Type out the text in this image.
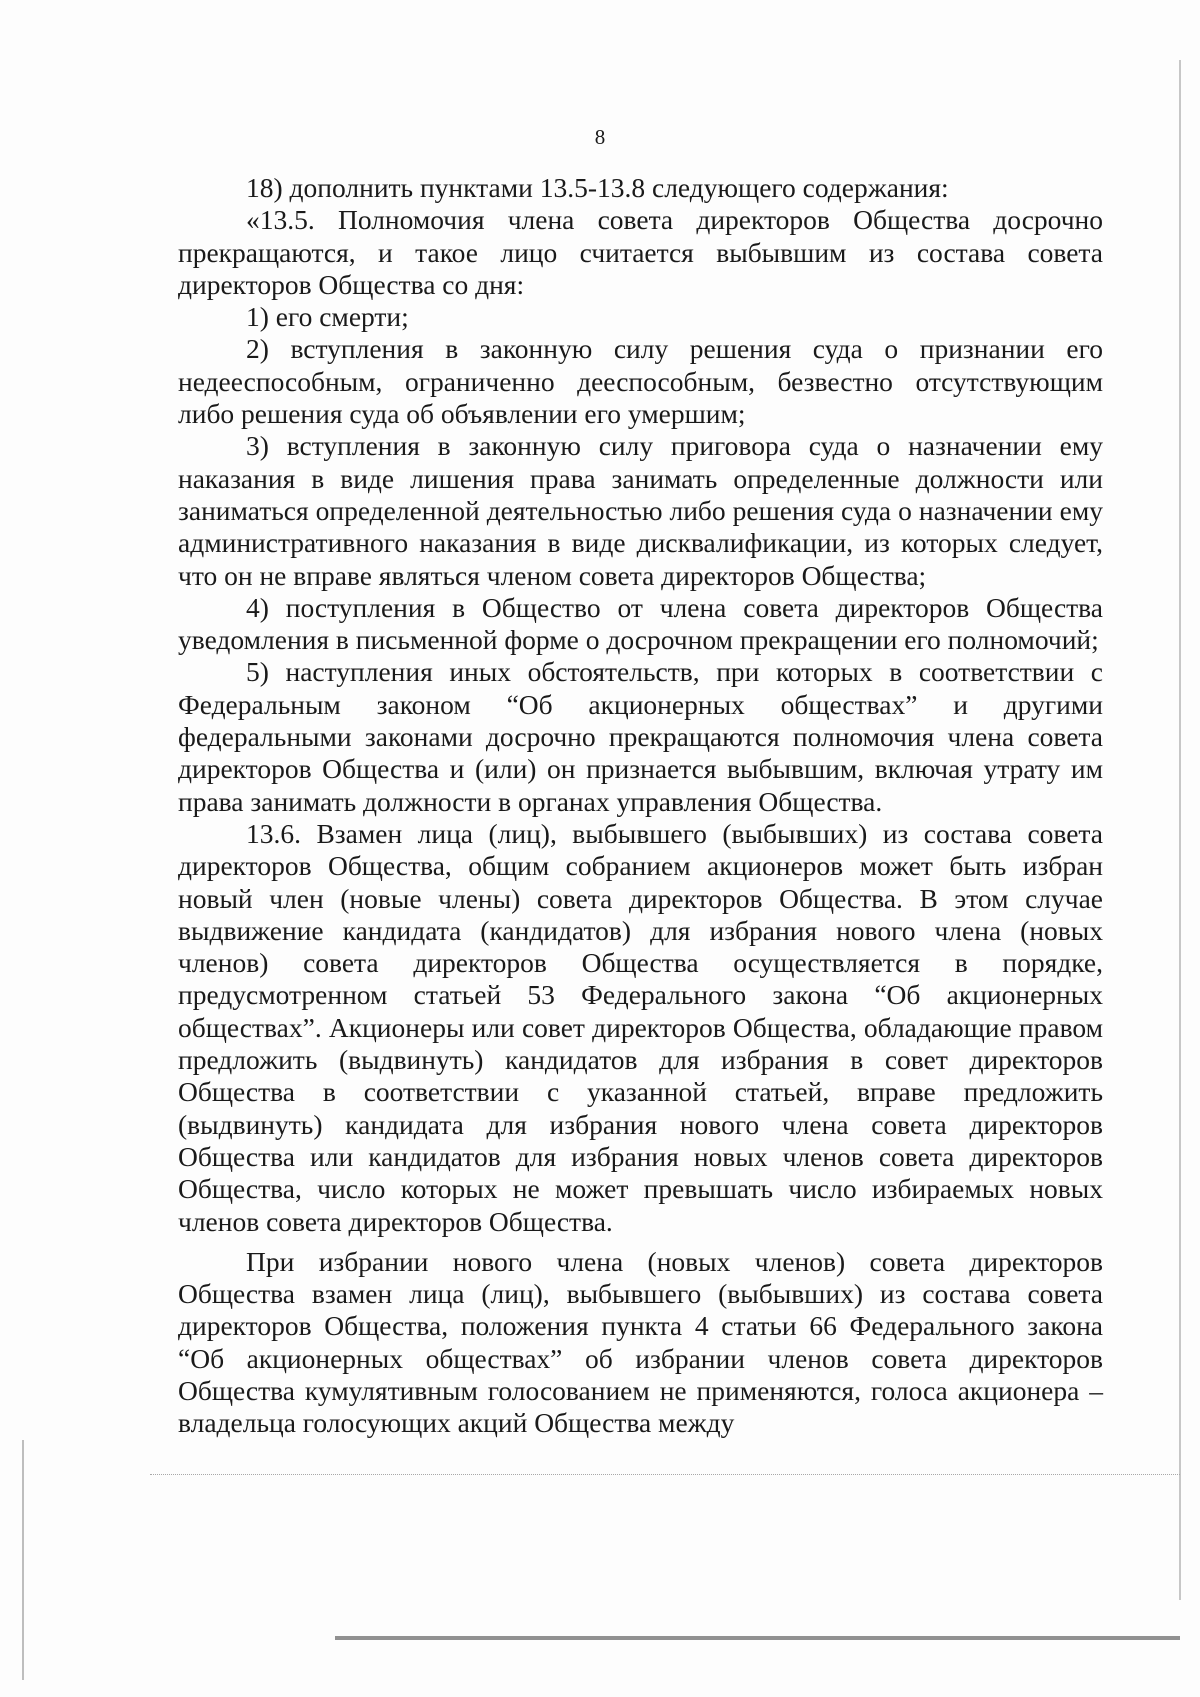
8

18) дополнить пунктами 13.5-13.8 следующего содержания:

«13.5. Полномочия члена совета директоров Общества досрочно прекращаются, и такое лицо считается выбывшим из состава совета директоров Общества со дня:

1) его смерти;

2) вступления в законную силу решения суда о признании его недееспособным, ограниченно дееспособным, безвестно отсутствующим либо решения суда об объявлении его умершим;

3) вступления в законную силу приговора суда о назначении ему наказания в виде лишения права занимать определенные должности или заниматься определенной деятельностью либо решения суда о назначении ему административного наказания в виде дисквалификации, из которых следует, что он не вправе являться членом совета директоров Общества;

4) поступления в Общество от члена совета директоров Общества уведомления в письменной форме о досрочном прекращении его полномочий;

5) наступления иных обстоятельств, при которых в соответствии с Федеральным законом “Об акционерных обществах” и другими федеральными законами досрочно прекращаются полномочия члена совета директоров Общества и (или) он признается выбывшим, включая утрату им права занимать должности в органах управления Общества.

13.6. Взамен лица (лиц), выбывшего (выбывших) из состава совета директоров Общества, общим собранием акционеров может быть избран новый член (новые члены) совета директоров Общества. В этом случае выдвижение кандидата (кандидатов) для избрания нового члена (новых членов) совета директоров Общества осуществляется в порядке, предусмотренном статьей 53 Федерального закона “Об акционерных обществах”. Акционеры или совет директоров Общества, обладающие правом предложить (выдвинуть) кандидатов для избрания в совет директоров Общества в соответствии с указанной статьей, вправе предложить (выдвинуть) кандидата для избрания нового члена совета директоров Общества или кандидатов для избрания новых членов совета директоров Общества, число которых не может превышать число избираемых новых членов совета директоров Общества.

При избрании нового члена (новых членов) совета директоров Общества взамен лица (лиц), выбывшего (выбывших) из состава совета директоров Общества, положения пункта 4 статьи 66 Федерального закона “Об акционерных обществах” об избрании членов совета директоров Общества кумулятивным голосованием не применяются, голоса акционера – владельца голосующих акций Общества между
